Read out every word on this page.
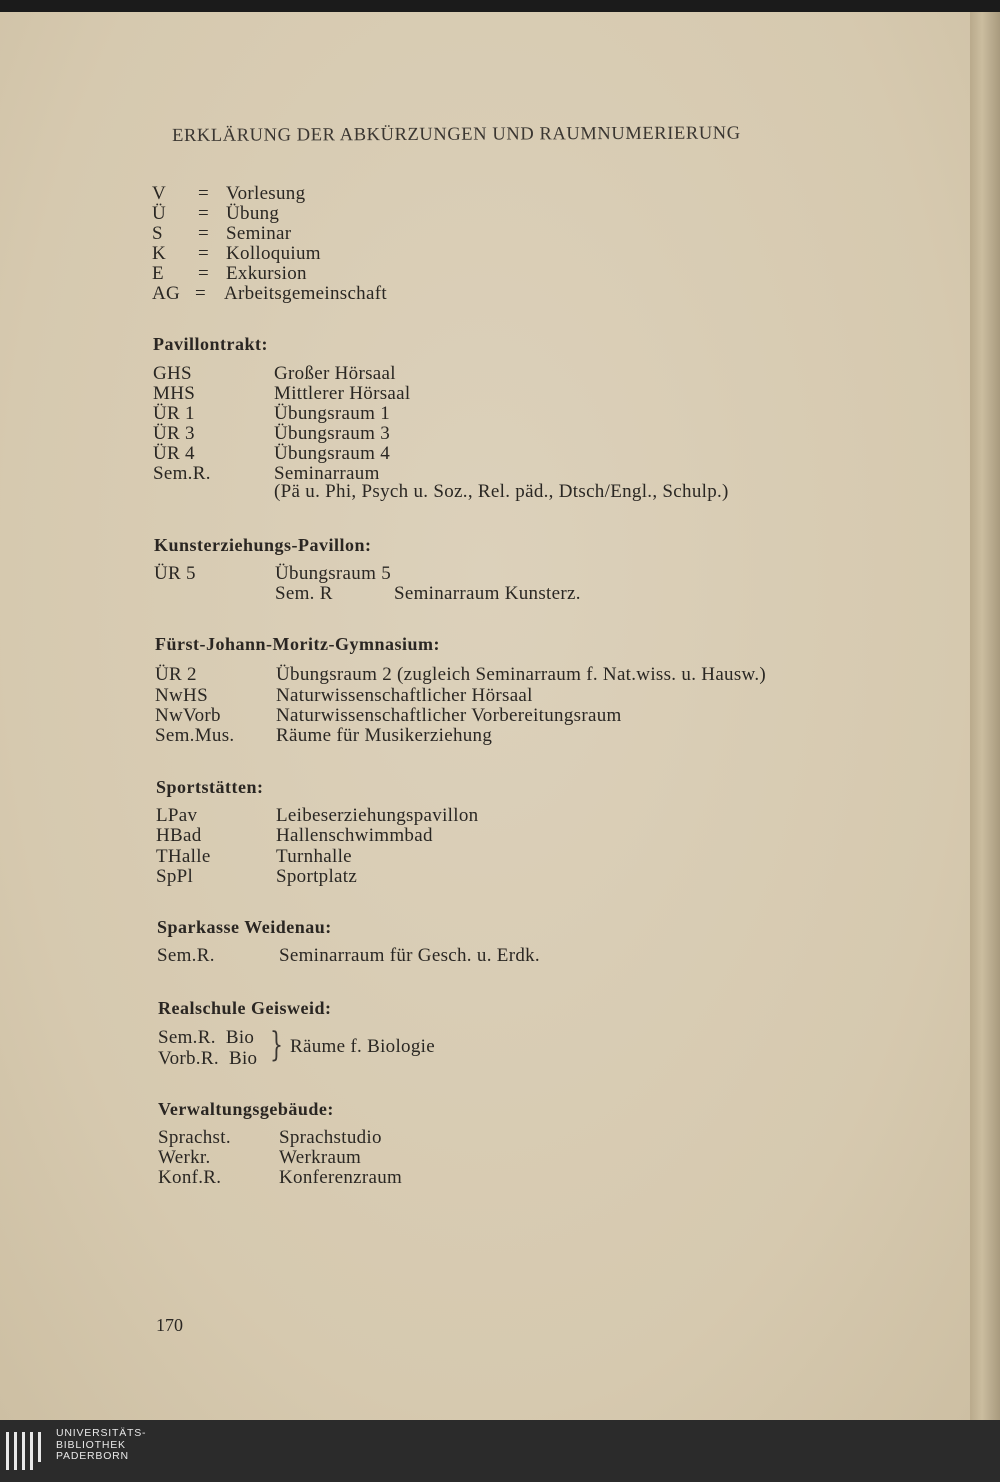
ERKLÄRUNG DER ABKÜRZUNGEN UND RAUMNUMERIERUNG
V = Vorlesung
Ü = Übung
S = Seminar
K = Kolloquium
E = Exkursion
AG = Arbeitsgemeinschaft
Pavillontrakt:
GHS	Großer Hörsaal
MHS	Mittlerer Hörsaal
ÜR 1	Übungsraum 1
ÜR 3	Übungsraum 3
ÜR 4	Übungsraum 4
Sem.R.	Seminarraum
(Pä u. Phi, Psych u. Soz., Rel. päd., Dtsch/Engl., Schulp.)
Kunsterziehungs-Pavillon:
ÜR 5	Übungsraum 5
Sem. R	Seminarraum Kunsterz.
Fürst-Johann-Moritz-Gymnasium:
ÜR 2	Übungsraum 2 (zugleich Seminarraum f. Nat.wiss. u. Hausw.)
NwHS	Naturwissenschaftlicher Hörsaal
NwVorb	Naturwissenschaftlicher Vorbereitungsraum
Sem.Mus. Räume für Musikerziehung
Sportstätten:
LPav	Leibeserziehungspavillon
HBad	Hallenschwimmbad
THalle	Turnhalle
SpPl	Sportplatz
Sparkasse Weidenau:
Sem.R.	Seminarraum für Gesch. u. Erdk.
Realschule Geisweid:

Sem.R.  Bio

Vorb.R.  Bio

} Räume f. Biologie
Verwaltungsgebäude:
Sprachst.	Sprachstudio
Werkr.	Werkraum
Konf.R.	Konferenzraum
170
UNIVERSITÄTS-
BIBLIOTHEK
PADERBORN
